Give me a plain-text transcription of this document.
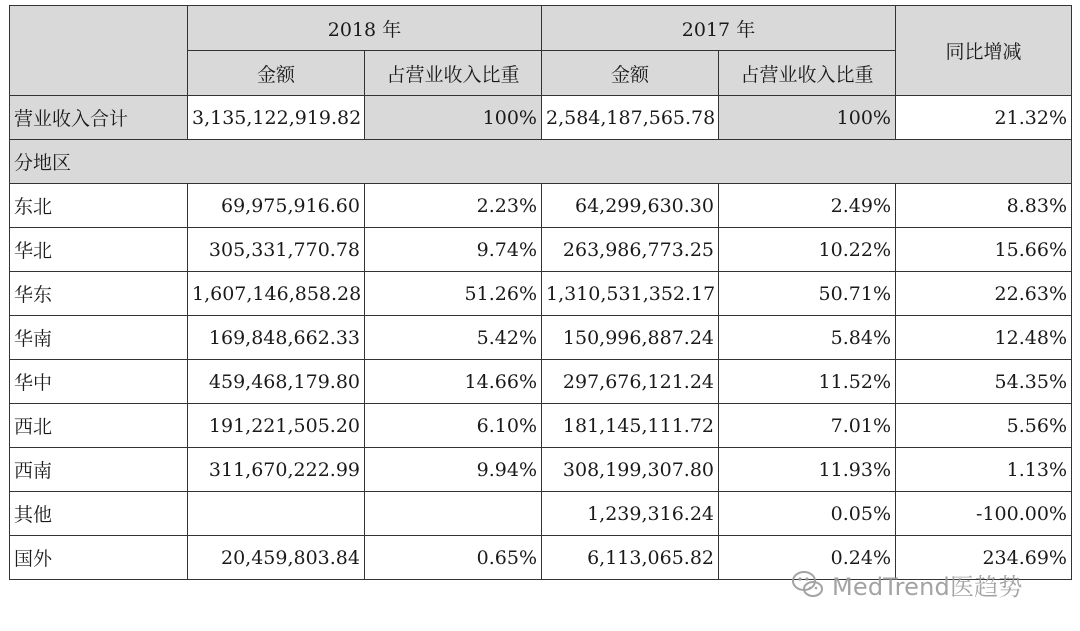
	2018 年		2017 年		同比增减
	金额	占营业收入比重	金额	占营业收入比重	
营业收入合计	3,135,122,919.82	100%	2,584,187,565.78	100%	21.32%
分地区					
东北	69,975,916.60	2.23%	64,299,630.30	2.49%	8.83%
华北	305,331,770.78	9.74%	263,986,773.25	10.22%	15.66%
华东	1,607,146,858.28	51.26%	1,310,531,352.17	50.71%	22.63%
华南	169,848,662.33	5.42%	150,996,887.24	5.84%	12.48%
华中	459,468,179.80	14.66%	297,676,121.24	11.52%	54.35%
西北	191,221,505.20	6.10%	181,145,111.72	7.01%	5.56%
西南	311,670,222.99	9.94%	308,199,307.80	11.93%	1.13%
其他			1,239,316.24	0.05%	-100.00%
国外	20,459,803.84	0.65%	6,113,065.82	0.24%	234.69%
MedTrend医趋势
